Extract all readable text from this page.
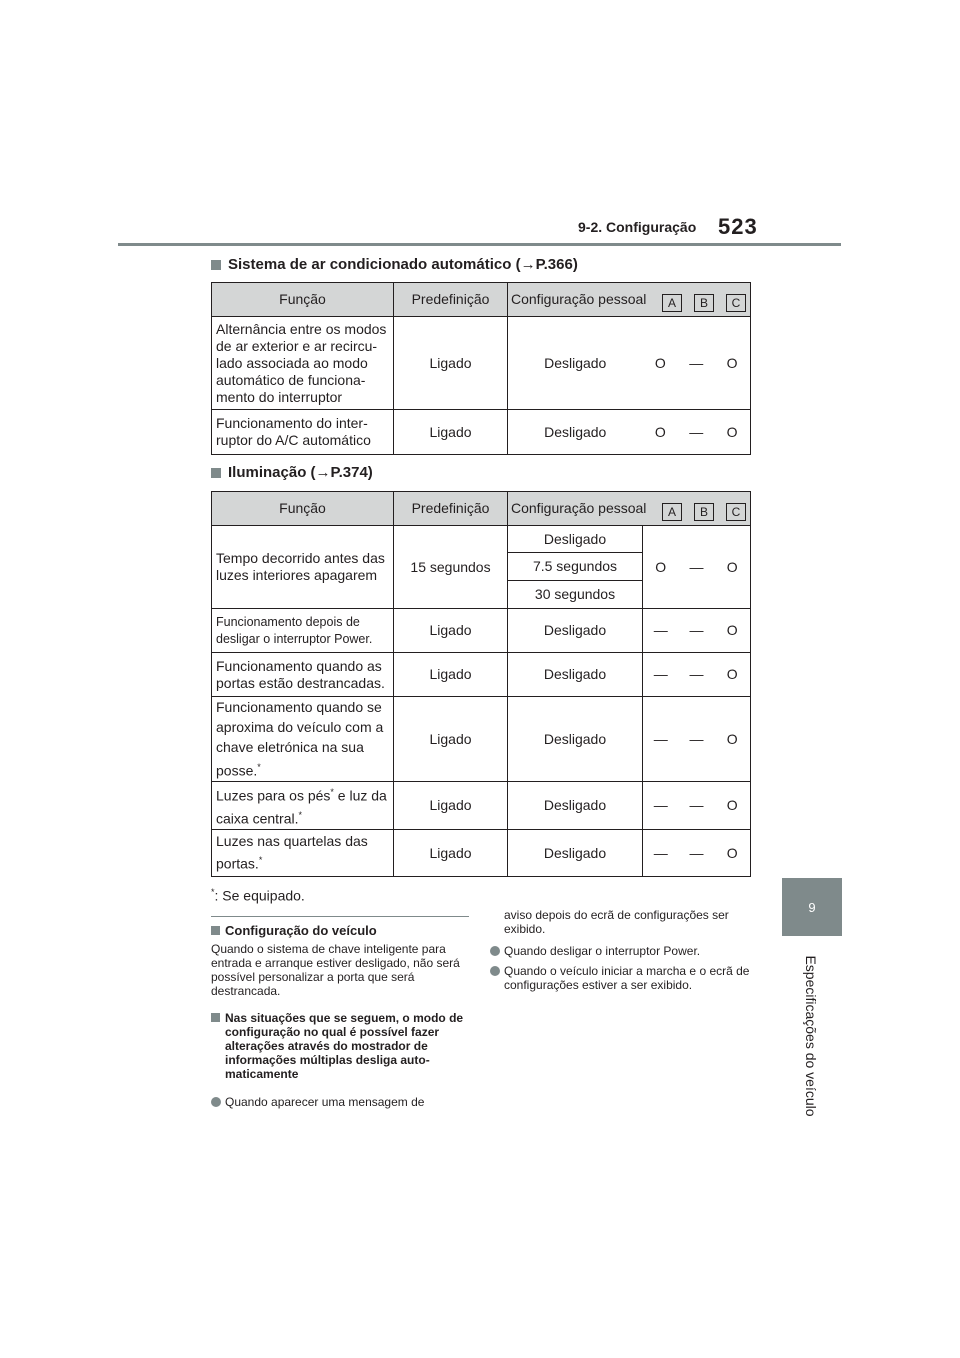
9-2. Configuração 523
9
Especificações do veículo
Sistema de ar condicionado automático ( → P.366)
Função	Predefinição	Configuração pessoal A B C

Alternância entre os modos de ar exterior e ar recircu- lado associada ao modo automático de funciona- mento do interruptor	Ligado	Desligado O — O

Funcionamento do inter- ruptor do A/C automático	Ligado	Desligado O — O
Iluminação ( → P.374)
Função	Predefinição	Configuração pessoal A B C			

Tempo decorrido antes das luzes interiores apagarem	15 segundos	Desligado	O	—	O
		7.5 segundos			
		30 segundos			
Funcionamento depois de desligar o interruptor Power.	Ligado	Desligado	—	—	O
Funcionamento quando as portas estão destrancadas.	Ligado	Desligado	—	—	O
Funcionamento quando se aproxima do veículo com a chave eletrónica na sua posse.*	Ligado	Desligado	—	—	O
Luzes para os pés* e luz da caixa central.*	Ligado	Desligado	—	—	O
Luzes nas quartelas das portas.*	Ligado	Desligado	—	—	O
*: Se equipado.
Configuração do veículo
Quando o sistema de chave inteligente para entrada e arranque estiver desligado, não será possível personalizar a porta que será destrancada.
Nas situações que se seguem, o modo de configuração no qual é possível fazer alterações através do mostrador de informações múltiplas desliga auto- maticamente
Quando aparecer uma mensagem de
aviso depois do ecrã de configurações ser exibido.
Quando desligar o interruptor Power.
Quando o veículo iniciar a marcha e o ecrã de configurações estiver a ser exibido.
